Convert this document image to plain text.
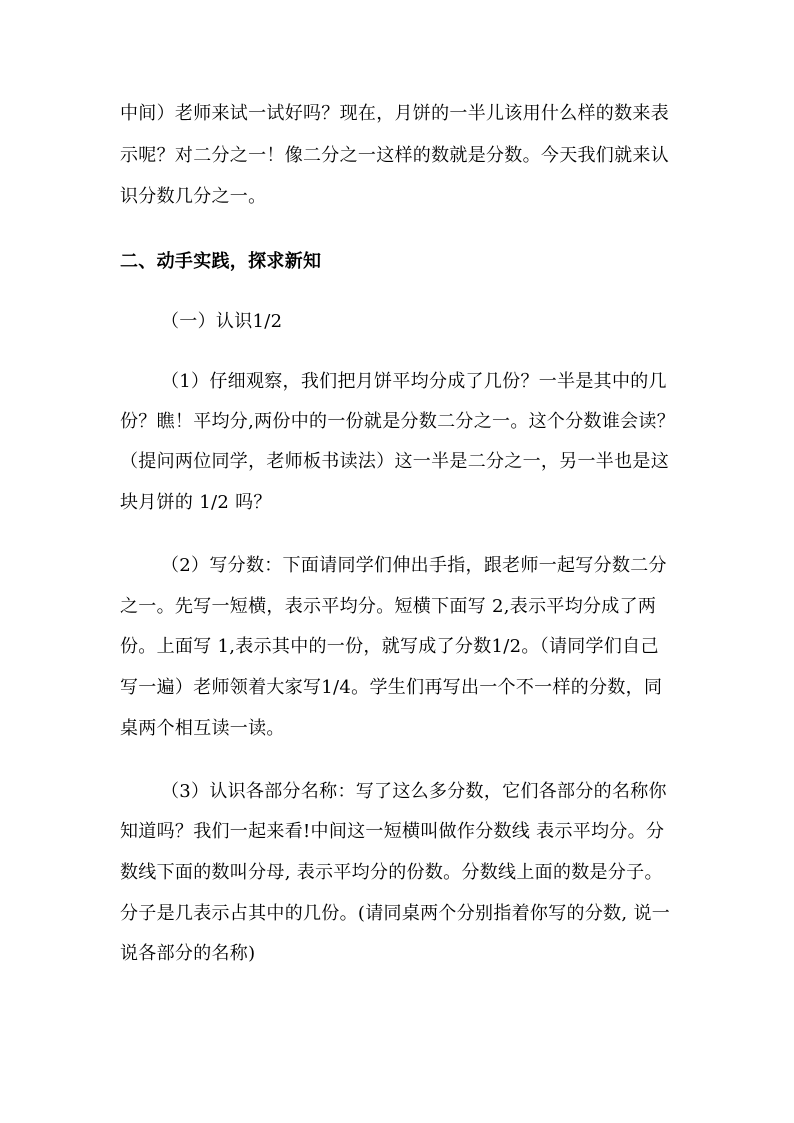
中间）老师来试一试好吗？现在，月饼的一半儿该用什么样的数来表
示呢？对二分之一！像二分之一这样的数就是分数。今天我们就来认
识分数几分之一。
二、动手实践，探求新知
（一）认识1/2
（1）仔细观察，我们把月饼平均分成了几份？一半是其中的几
份？瞧！平均分,两份中的一份就是分数二分之一。这个分数谁会读？
（提问两位同学，老师板书读法）这一半是二分之一，另一半也是这
块月饼的 1/2 吗？
（2）写分数：下面请同学们伸出手指，跟老师一起写分数二分
之一。先写一短横，表示平均分。短横下面写 2,表示平均分成了两
份。上面写 1,表示其中的一份，就写成了分数1/2。（请同学们自己
写一遍）老师领着大家写1/4。学生们再写出一个不一样的分数，同
桌两个相互读一读。
（3）认识各部分名称：写了这么多分数，它们各部分的名称你
知道吗？我们一起来看!中间这一短横叫做作分数线 表示平均分。分
数线下面的数叫分母, 表示平均分的份数。分数线上面的数是分子。
分子是几表示占其中的几份。(请同桌两个分别指着你写的分数, 说一
说各部分的名称)
